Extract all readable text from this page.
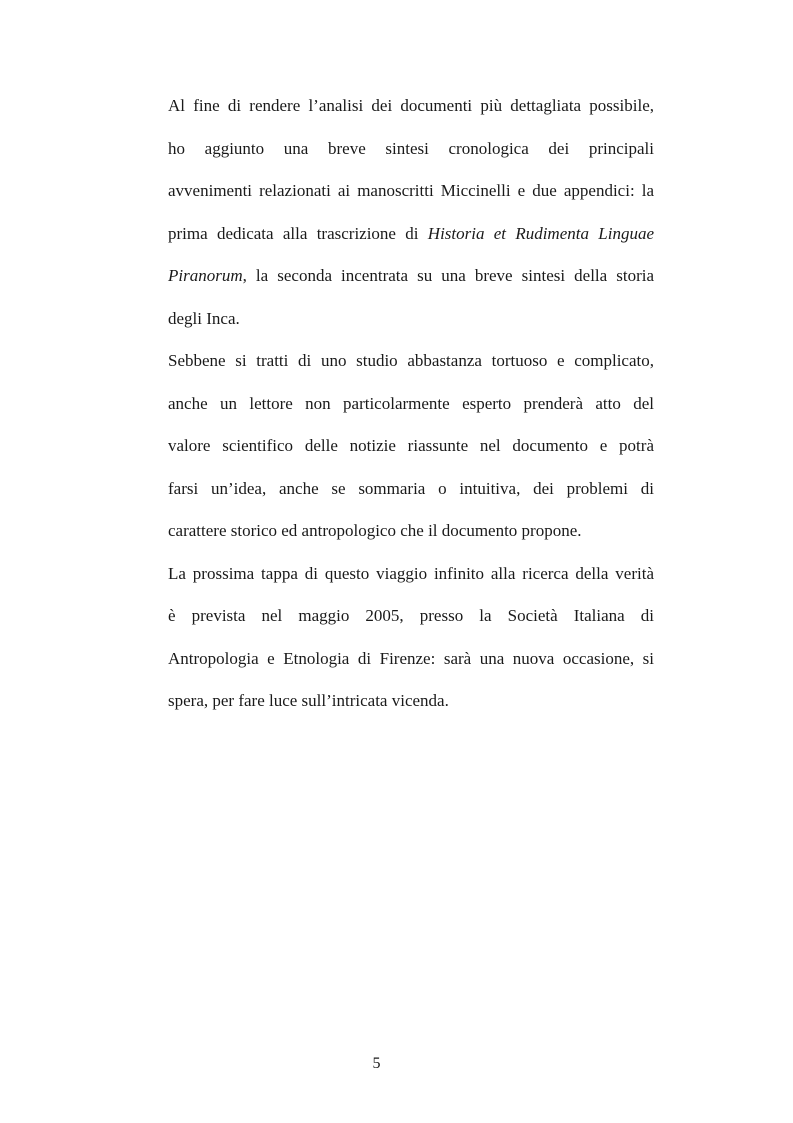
Al fine di rendere l’analisi dei documenti più dettagliata possibile,
ho aggiunto una breve sintesi cronologica dei principali
avvenimenti relazionati ai manoscritti Miccinelli e due appendici: la
prima dedicata alla trascrizione di Historia et Rudimenta Linguae
Piranorum, la seconda incentrata su una breve sintesi della storia
degli Inca.
Sebbene si tratti di uno studio abbastanza tortuoso e complicato,
anche un lettore non particolarmente esperto prenderà atto del
valore scientifico delle notizie riassunte nel documento e potrà
farsi un’idea, anche se sommaria o intuitiva, dei problemi di
carattere storico ed antropologico che il documento propone.
La prossima tappa di questo viaggio infinito alla ricerca della verità
è prevista nel maggio 2005, presso la Società Italiana di
Antropologia e Etnologia di Firenze: sarà una nuova occasione, si
spera, per fare luce sull’intricata vicenda.
5
